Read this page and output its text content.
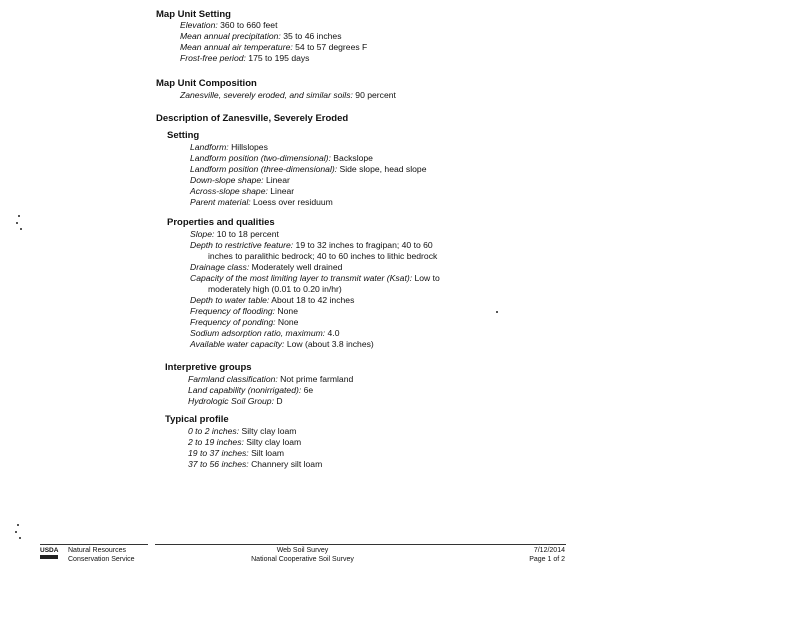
Map Unit Setting
Elevation: 360 to 660 feet
Mean annual precipitation: 35 to 46 inches
Mean annual air temperature: 54 to 57 degrees F
Frost-free period: 175 to 195 days
Map Unit Composition
Zanesville, severely eroded, and similar soils: 90 percent
Description of Zanesville, Severely Eroded
Setting
Landform: Hillslopes
Landform position (two-dimensional): Backslope
Landform position (three-dimensional): Side slope, head slope
Down-slope shape: Linear
Across-slope shape: Linear
Parent material: Loess over residuum
Properties and qualities
Slope: 10 to 18 percent
Depth to restrictive feature: 19 to 32 inches to fragipan; 40 to 60
inches to paralithic bedrock; 40 to 60 inches to lithic bedrock
Drainage class: Moderately well drained
Capacity of the most limiting layer to transmit water (Ksat): Low to
moderately high (0.01 to 0.20 in/hr)
Depth to water table: About 18 to 42 inches
Frequency of flooding: None
Frequency of ponding: None
Sodium adsorption ratio, maximum: 4.0
Available water capacity: Low (about 3.8 inches)
Interpretive groups
Farmland classification: Not prime farmland
Land capability (nonirrigated): 6e
Hydrologic Soil Group: D
Typical profile
0 to 2 inches: Silty clay loam
2 to 19 inches: Silty clay loam
19 to 37 inches: Silt loam
37 to 56 inches: Channery silt loam
USDA Natural Resources
Conservation Service
Web Soil Survey
National Cooperative Soil Survey
7/12/2014
Page 1 of 2
